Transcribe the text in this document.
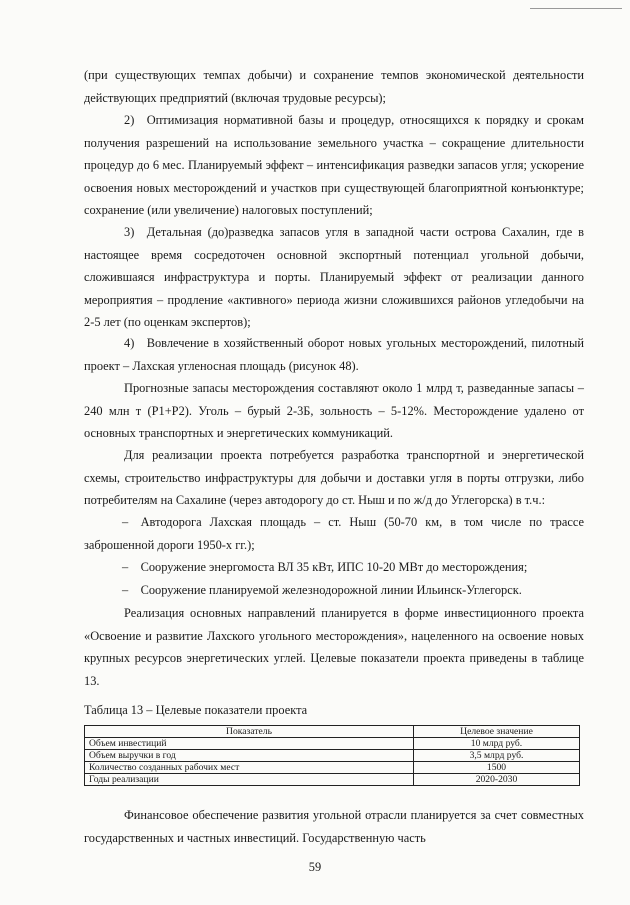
(при существующих темпах добычи) и сохранение темпов экономической деятельности действующих предприятий (включая трудовые ресурсы);

2) Оптимизация нормативной базы и процедур, относящихся к порядку и срокам получения разрешений на использование земельного участка – сокращение длительности процедур до 6 мес. Планируемый эффект – интенсификация разведки запасов угля; ускорение освоения новых месторождений и участков при существующей благоприятной конъюнктуре; сохранение (или увеличение) налоговых поступлений;

3) Детальная (до)разведка запасов угля в западной части острова Сахалин, где в настоящее время сосредоточен основной экспортный потенциал угольной добычи, сложившаяся инфраструктура и порты. Планируемый эффект от реализации данного мероприятия – продление «активного» периода жизни сложившихся районов угледобычи на 2-5 лет (по оценкам экспертов);

4) Вовлечение в хозяйственный оборот новых угольных месторождений, пилотный проект – Лахская угленосная площадь (рисунок 48).

Прогнозные запасы месторождения составляют около 1 млрд т, разведанные запасы – 240 млн т (Р1+Р2). Уголь – бурый 2-3Б, зольность – 5-12%. Месторождение удалено от основных транспортных и энергетических коммуникаций.

Для реализации проекта потребуется разработка транспортной и энергетической схемы, строительство инфраструктуры для добычи и доставки угля в порты отгрузки, либо потребителям на Сахалине (через автодорогу до ст. Ныш и по ж/д до Углегорска) в т.ч.:

– Автодорога Лахская площадь – ст. Ныш (50-70 км, в том числе по трассе заброшенной дороги 1950-х гг.);

– Сооружение энергомоста ВЛ 35 кВт, ИПС 10-20 МВт до месторождения;

– Сооружение планируемой железнодорожной линии Ильинск-Углегорск.

Реализация основных направлений планируется в форме инвестиционного проекта «Освоение и развитие Лахского угольного месторождения», нацеленного на освоение новых крупных ресурсов энергетических углей. Целевые показатели проекта приведены в таблице 13.

Таблица 13 – Целевые показатели проекта
Показатель	Целевое значение
Объем инвестиций	10 млрд руб.
Объем выручки в год	3,5 млрд руб.
Количество созданных рабочих мест	1500
Годы реализации	2020-2030

Финансовое обеспечение развития угольной отрасли планируется за счет совместных государственных и частных инвестиций. Государственную часть

59
